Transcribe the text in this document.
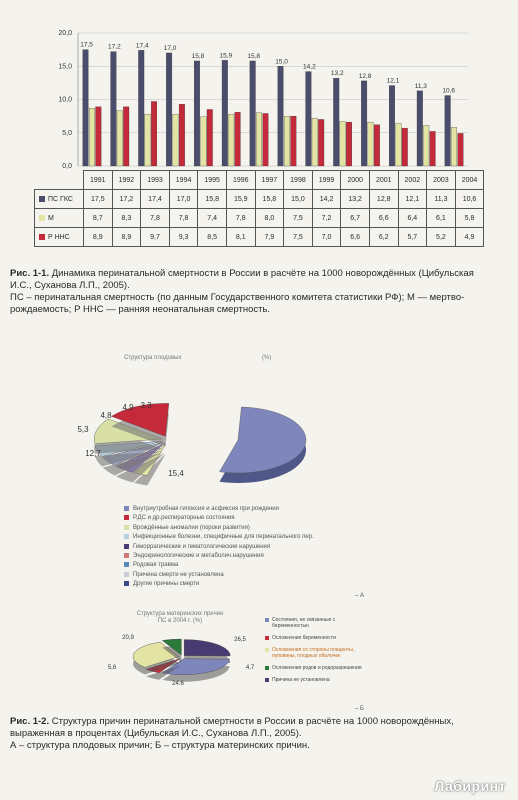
0,0
5,0
10,0
15,0
20,0
17,5 17,2 17,4 17,0
15,8 15,9 15,8
15,0
14,2
13,2 12,8
12,1
11,3
10,6
	1991	1992	1993	1994	1995	1996	1997	1998	1999	2000	2001	2002	2003	2004
ПС ГКС	17,5	17,2	17,4	17,0	15,8	15,9	15,8	15,0	14,2	13,2	12,8	12,1	11,3	10,6
М	8,7	8,3	7,8	7,8	7,4	7,8	8,0	7,5	7,2	6,7	6,6	6,4	6,1	5,8
Р ННС	8,9	8,9	9,7	9,3	8,5	8,1	7,9	7,5	7,0	6,6	6,2	5,7	5,2	4,9
Рис. 1-1. Динамика перинатальной смертности в России в расчёте на 1000 новорождённых (Цибульская И.С., Суханова Л.П., 2005).
ПС – перинатальная смертность (по данным Государственного комитета статистики РФ); М — мертво-рождаемость; Р ННС — ранняя неонатальная смертность.
Структура плодовых	(%)
3,3
4,9
4,8
5,3
12,7
15,4
Внутриутробная гипоксия и асфиксия при рождении
Р.ДС и др.респираторные состояния
Врождённые аномалии (пороки развития)
Инфекционные болезни, специфичные для перинатального пер.
Геморрагические и гематологические нарушения
Эндокринологические и метаболич.нарушения
Родовая травма
Причина смерти не установлена
Другие причины смерти
– А
Структура материнских причин
ПС в 2004 г. (%)
20,9	26,5
5,6	4,7
24,6
Состояния, не связанные с беременностью
Осложнения беременности
Осложнения со стороны плаценты, пуповины, плодных оболочек
Осложнения родов и родоразрешения
Причина не установлена
– Б
Рис. 1-2. Структура причин перинатальной смертности в России в расчёте на 1000 новорождённых, выраженная в процентах (Цибульская И.С., Суханова Л.П., 2005).
А – структура плодовых причин; Б – структура материнских причин.
Лабиринт
